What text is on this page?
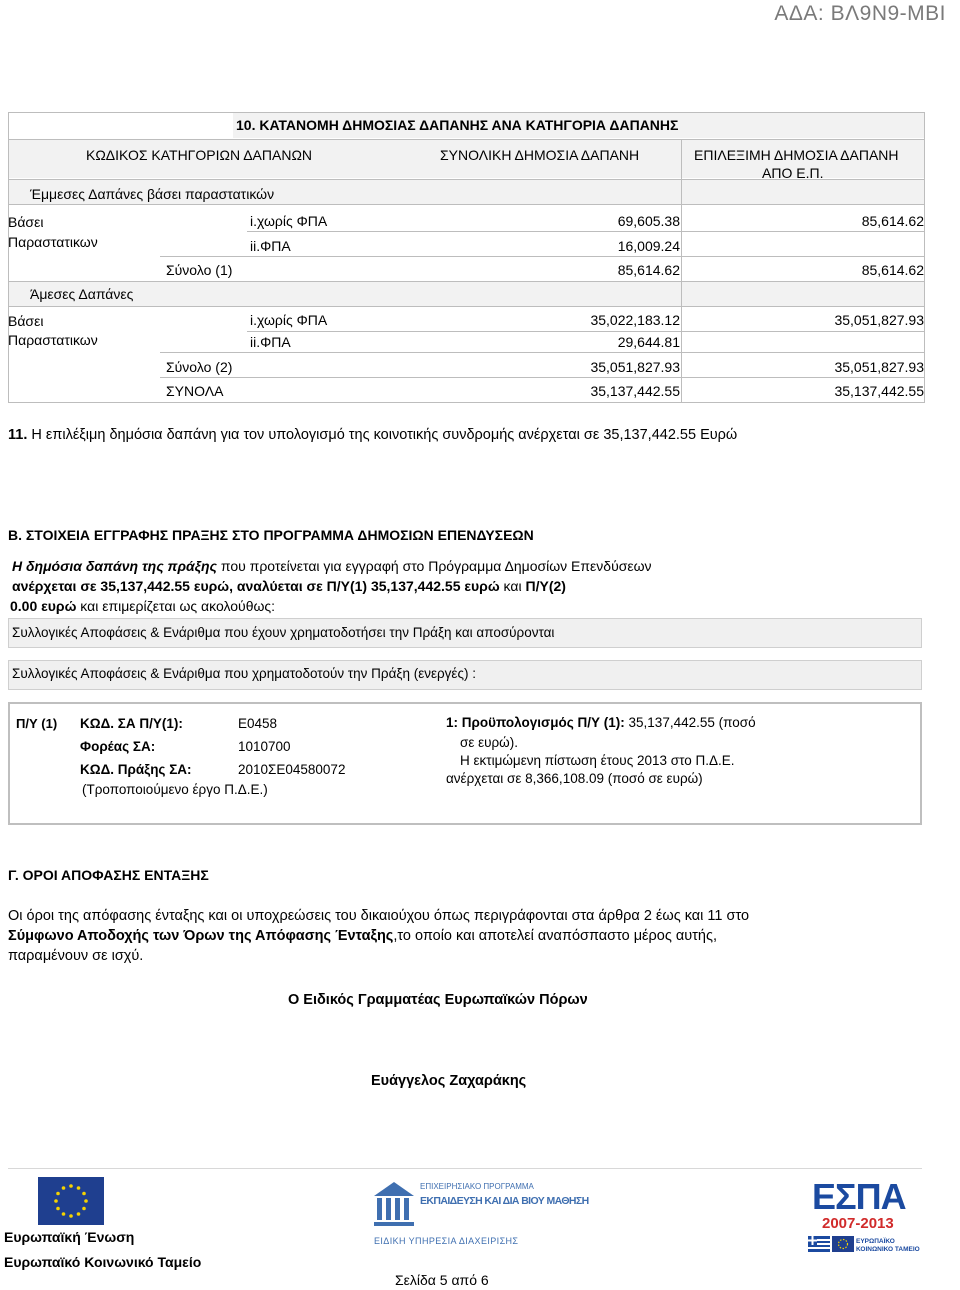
ΑΔΑ: ΒΛ9Ν9-ΜΒΙ
10. ΚΑΤΑΝΟΜΗ ΔΗΜΟΣΙΑΣ ΔΑΠΑΝΗΣ ΑΝΑ ΚΑΤΗΓΟΡΙΑ ΔΑΠΑΝΗΣ
ΚΩΔΙΚΟΣ ΚΑΤΗΓΟΡΙΩΝ ΔΑΠΑΝΩΝ	ΣΥΝΟΛΙΚΗ ΔΗΜΟΣΙΑ ΔΑΠΑΝΗ	ΕΠΙΛΕΞΙΜΗ ΔΗΜΟΣΙΑ ΔΑΠΑΝΗ
ΑΠΟ Ε.Π.
Έμμεσες Δαπάνες βάσει παραστατικών
Βάσει
Παραστατικων
i.χωρίς ΦΠΑ	69,605.38	85,614.62
ii.ΦΠΑ	16,009.24
Σύνολο (1)	85,614.62	85,614.62
Άμεσες Δαπάνες
Βάσει
Παραστατικων
i.χωρίς ΦΠΑ	35,022,183.12	35,051,827.93
ii.ΦΠΑ	29,644.81
Σύνολο (2)	35,051,827.93	35,051,827.93
ΣΥΝΟΛΑ	35,137,442.55	35,137,442.55
11. Η επιλέξιμη δημόσια δαπάνη για τον υπολογισμό της κοινοτικής συνδρομής ανέρχεται σε 35,137,442.55 Ευρώ
Β. ΣΤΟΙΧΕΙΑ ΕΓΓΡΑΦΗΣ ΠΡΑΞΗΣ ΣΤΟ ΠΡΟΓΡΑΜΜΑ ΔΗΜΟΣΙΩΝ ΕΠΕΝΔΥΣΕΩΝ
Η δημόσια δαπάνη της πράξης που προτείνεται για εγγραφή στο Πρόγραμμα Δημοσίων Επενδύσεων
ανέρχεται σε 35,137,442.55 ευρώ, αναλύεται σε Π/Υ(1) 35,137,442.55 ευρώ και Π/Υ(2)
0.00 ευρώ και επιμερίζεται ως ακολούθως:
Συλλογικές Αποφάσεις & Ενάριθμα που έχουν χρηματοδοτήσει την Πράξη και αποσύρονται
Συλλογικές Αποφάσεις & Ενάριθμα που χρηματοδοτούν την Πράξη (ενεργές) :
Π/Υ (1) ΚΩΔ. ΣΑ Π/Υ(1):	Ε0458
Φορέας ΣΑ:	1010700
ΚΩΔ. Πράξης ΣΑ:	2010ΣΕ04580072
(Τροποποιούμενο έργο Π.Δ.Ε.)
1: Προϋπολογισμός Π/Υ (1): 35,137,442.55 (ποσό
σε ευρώ).
Η εκτιμώμενη πίστωση έτους 2013 στο Π.Δ.Ε.
ανέρχεται σε 8,366,108.09 (ποσό σε ευρώ)
Γ. ΟΡΟΙ ΑΠΟΦΑΣΗΣ ΕΝΤΑΞΗΣ
Οι όροι της απόφασης ένταξης και οι υποχρεώσεις του δικαιούχου όπως περιγράφονται στα άρθρα 2 έως και 11 στο
Σύμφωνο Αποδοχής των Όρων της Απόφασης Ένταξης,το οποίο και αποτελεί αναπόσπαστο μέρος αυτής,
παραμένουν σε ισχύ.
Ο Ειδικός Γραμματέας Ευρωπαϊκών Πόρων
Ευάγγελος Ζαχαράκης
Ευρωπαϊκή Ένωση
Ευρωπαϊκό Κοινωνικό Ταμείο
ΕΠΙΧΕΙΡΗΣΙΑΚΟ ΠΡΟΓΡΑΜΜΑ
ΕΚΠΑΙΔΕΥΣΗ ΚΑΙ ΔΙΑ ΒΙΟΥ ΜΑΘΗΣΗ
ΕΙΔΙΚΗ ΥΠΗΡΕΣΙΑ ΔΙΑΧΕΙΡΙΣΗΣ
ΕΣΠΑ
2007-2013
ΕΥΡΩΠΑΪΚΟ ΚΟΙΝΩΝΙΚΟ ΤΑΜΕΙΟ
Σελίδα 5 από 6
